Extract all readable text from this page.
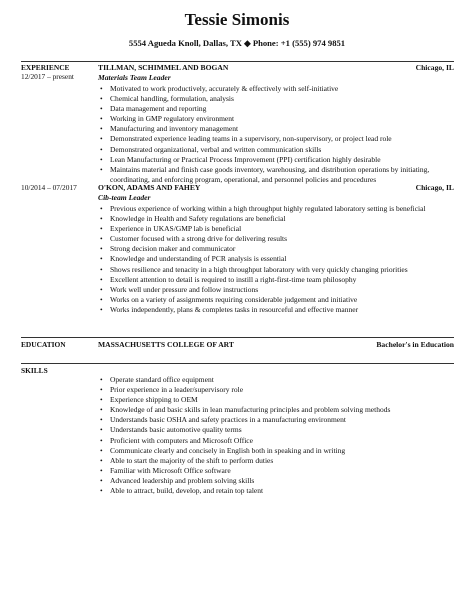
Tessie Simonis
5554 Agueda Knoll, Dallas, TX ◆ Phone: +1 (555) 974 9851
EXPERIENCE
12/2017 – present
TILLMAN, SCHIMMEL AND BOGAN	Chicago, IL
Materials Team Leader
• Motivated to work productively, accurately & effectively with self-initiative
• Chemical handling, formulation, analysis
• Data management and reporting
• Working in GMP regulatory environment
• Manufacturing and inventory management
• Demonstrated experience leading teams in a supervisory, non-supervisory, or project lead role
• Demonstrated organizational, verbal and written communication skills
• Lean Manufacturing or Practical Process Improvement (PPI) certification highly desirable
• Maintains material and finish case goods inventory, warehousing, and distribution operations by initiating, coordinating, and enforcing program, operational, and personnel policies and procedures
10/2014 – 07/2017	O'KON, ADAMS AND FAHEY	Chicago, IL
Cib-team Leader
• Previous experience of working within a high throughput highly regulated laboratory setting is beneficial
• Knowledge in Health and Safety regulations are beneficial
• Experience in UKAS/GMP lab is beneficial
• Customer focused with a strong drive for delivering results
• Strong decision maker and communicator
• Knowledge and understanding of PCR analysis is essential
• Shows resilience and tenacity in a high throughput laboratory with very quickly changing priorities
• Excellent attention to detail is required to instill a right-first-time team philosophy
• Work well under pressure and follow instructions
• Works on a variety of assignments requiring considerable judgement and initiative
• Works independently, plans & completes tasks in resourceful and effective manner
EDUCATION	MASSACHUSETTS COLLEGE OF ART	Bachelor's in Education
SKILLS
• Operate standard office equipment
• Prior experience in a leader/supervisory role
• Experience shipping to OEM
• Knowledge of and basic skills in lean manufacturing principles and problem solving methods
• Understands basic OSHA and safety practices in a manufacturing environment
• Understands basic automotive quality terms
• Proficient with computers and Microsoft Office
• Communicate clearly and concisely in English both in speaking and in writing
• Able to start the majority of the shift to perform duties
• Familiar with Microsoft Office software
• Advanced leadership and problem solving skills
• Able to attract, build, develop, and retain top talent
